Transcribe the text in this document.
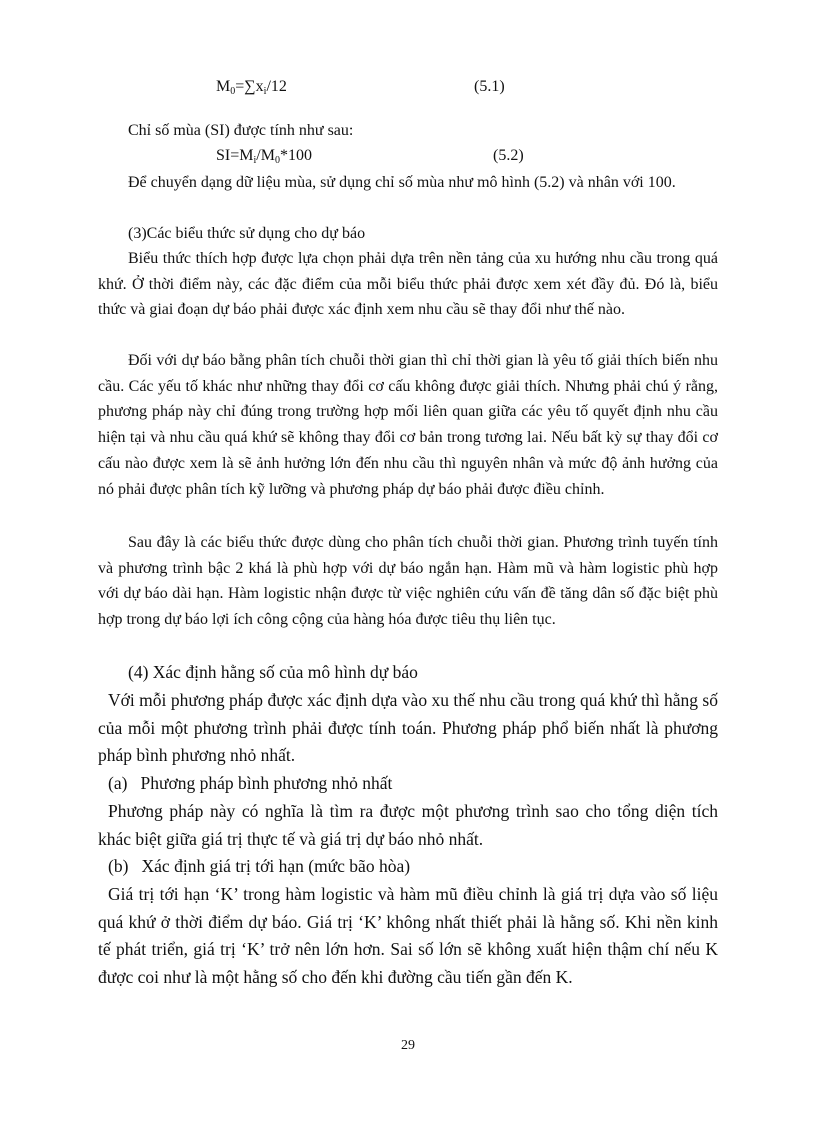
$M_0=\sum x_i/12$	(5.1)

Chỉ số mùa (SI) được tính như sau:

$SI=M_i/M_0*100$	(5.2)

Để chuyển dạng dữ liệu mùa, sử dụng chỉ số mùa như mô hình (5.2) và nhân với 100.

(3)Các biểu thức sử dụng cho dự báo

Biểu thức thích hợp được lựa chọn phải dựa trên nền tảng của xu hướng nhu cầu trong quá khứ. Ở thời điểm này, các đặc điểm của mỗi biểu thức phải được xem xét đầy đủ. Đó là, biểu thức và giai đoạn dự báo phải được xác định xem nhu cầu sẽ thay đổi như thế nào.

Đối với dự báo bằng phân tích chuỗi thời gian thì chỉ thời gian là yêu tố giải thích biến nhu cầu. Các yếu tố khác như những thay đổi cơ cấu không được giải thích. Nhưng phải chú ý rằng, phương pháp này chỉ đúng trong trường hợp mối liên quan giữa các yêu tố quyết định nhu cầu hiện tại và nhu cầu quá khứ sẽ không thay đổi cơ bản trong tương lai. Nếu bất kỳ sự thay đổi cơ cấu nào được xem là sẽ ảnh hưởng lớn đến nhu cầu thì nguyên nhân và mức độ ảnh hưởng của nó phải được phân tích kỹ lưỡng và phương pháp dự báo phải được điều chỉnh.

Sau đây là các biểu thức được dùng cho phân tích chuỗi thời gian. Phương trình tuyến tính và phương trình bậc 2 khá là phù hợp với dự báo ngắn hạn. Hàm mũ và hàm logistic phù hợp với dự báo dài hạn. Hàm logistic nhận được từ việc nghiên cứu vấn đề tăng dân số đặc biệt phù hợp trong dự báo lợi ích công cộng của hàng hóa được tiêu thụ liên tục.

(4) Xác định hằng số của mô hình dự báo

Với mỗi phương pháp được xác định dựa vào xu thế nhu cầu trong quá khứ thì hằng số của mỗi một phương trình phải được tính toán. Phương pháp phổ biến nhất là phương pháp bình phương nhỏ nhất.

(a)   Phương pháp bình phương nhỏ nhất

Phương pháp này có nghĩa là tìm ra được một phương trình sao cho tổng diện tích khác biệt giữa giá trị thực tế và giá trị dự báo nhỏ nhất.

(b)   Xác định giá trị tới hạn (mức bão hòa)

Giá trị tới hạn ‘K’ trong hàm logistic và hàm mũ điều chỉnh là giá trị dựa vào số liệu quá khứ ở thời điểm dự báo. Giá trị ‘K’ không nhất thiết phải là hằng số. Khi nền kinh tế phát triển, giá trị ‘K’ trở nên lớn hơn. Sai số lớn sẽ không xuất hiện thậm chí nếu K được coi như là một hằng số cho đến khi đường cầu tiến gần đến K.

29
